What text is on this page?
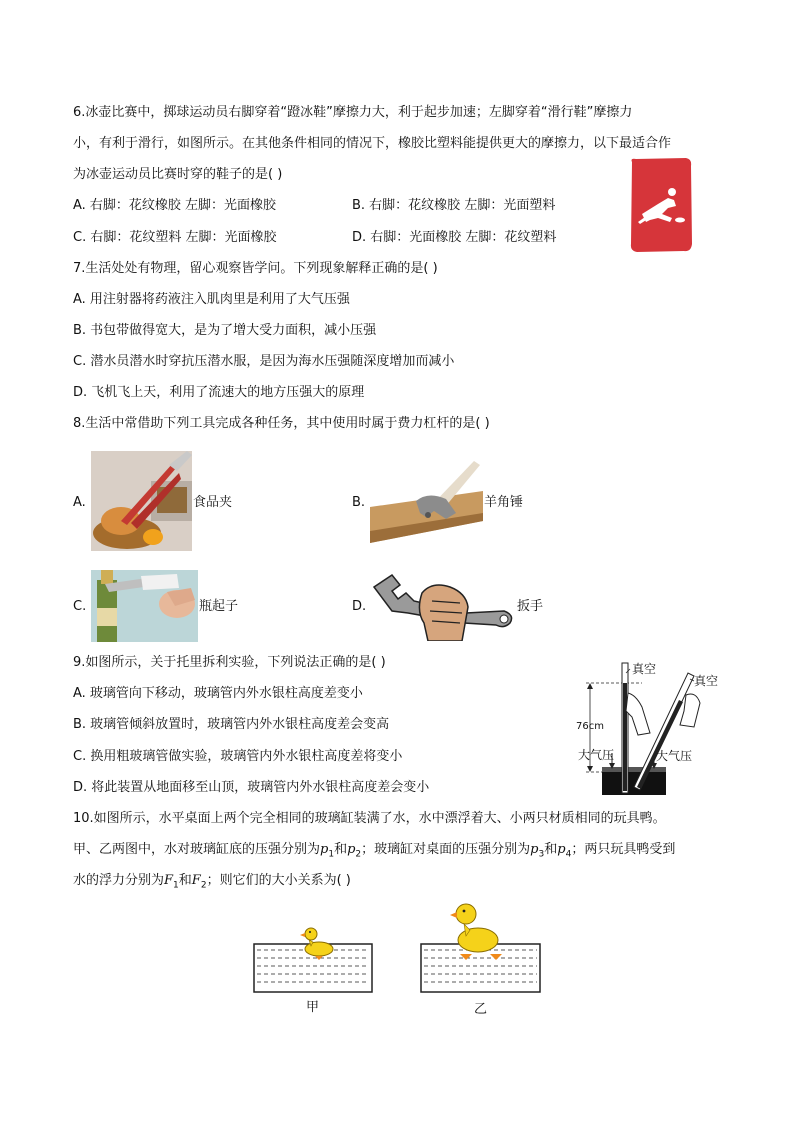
6.冰壶比赛中，掷球运动员右脚穿着“蹬冰鞋”摩擦力大，利于起步加速；左脚穿着“滑行鞋”摩擦力
小，有利于滑行，如图所示。在其他条件相同的情况下，橡胶比塑料能提供更大的摩擦力，以下最适合作
为冰壶运动员比赛时穿的鞋子的是( )
A. 右脚：花纹橡胶 左脚：光面橡胶	B. 右脚：花纹橡胶 左脚：光面塑料
C. 右脚：花纹塑料 左脚：光面橡胶	D. 右脚：光面橡胶 左脚：花纹塑料
7.生活处处有物理，留心观察皆学问。下列现象解释正确的是( )
A. 用注射器将药液注入肌肉里是利用了大气压强
B. 书包带做得宽大，是为了增大受力面积，减小压强
C. 潜水员潜水时穿抗压潜水服，是因为海水压强随深度增加而减小
D. 飞机飞上天，利用了流速大的地方压强大的原理
8.生活中常借助下列工具完成各种任务，其中使用时属于费力杠杆的是( )
A.	食品夹	B.	羊角锤
C.	瓶起子	D.	扳手
9.如图所示，关于托里拆利实验，下列说法正确的是( )
A. 玻璃管向下移动，玻璃管内外水银柱高度差变小
B. 玻璃管倾斜放置时，玻璃管内外水银柱高度差会变高
C. 换用粗玻璃管做实验，玻璃管内外水银柱高度差将变小
D. 将此装置从地面移至山顶，玻璃管内外水银柱高度差会变小
真空
真空
76cm
大气压	大气压
10.如图所示，水平桌面上两个完全相同的玻璃缸装满了水，水中漂浮着大、小两只材质相同的玩具鸭。
甲、乙两图中，水对玻璃缸底的压强分别为$p_1$和$p_2$；玻璃缸对桌面的压强分别为$p_3$和$p_4$；两只玩具鸭受到
水的浮力分别为$F_1$和$F_2$；则它们的大小关系为( )
甲	乙
